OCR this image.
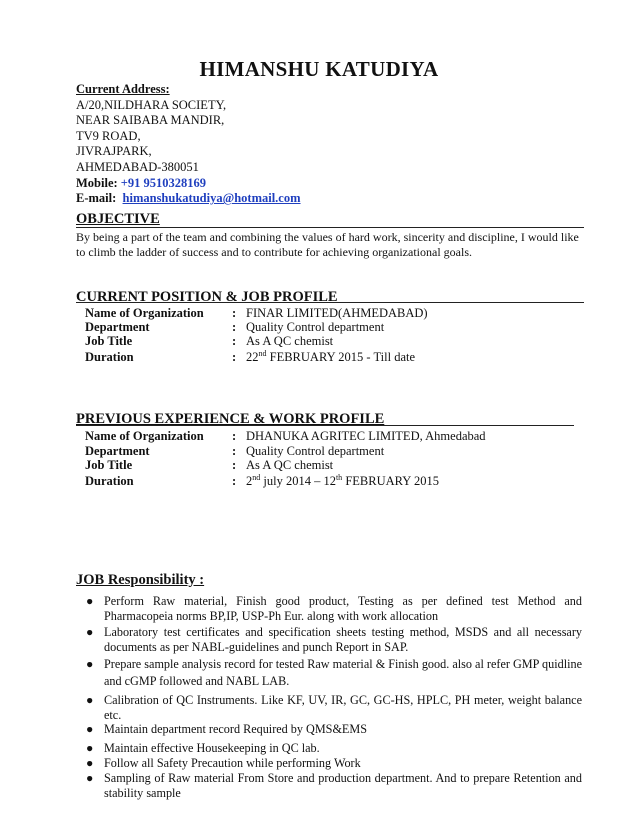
HIMANSHU KATUDIYA
Current Address:
A/20,NILDHARA SOCIETY,
NEAR SAIBABA MANDIR,
TV9 ROAD,
JIVRAJPARK,
AHMEDABAD-380051
Mobile: +91 9510328169
E-mail: himanshukatudiya@hotmail.com
OBJECTIVE
By being a part of the team and combining the values of hard work, sincerity and discipline, I would like to climb the ladder of success and to contribute for achieving organizational goals.
CURRENT POSITION & JOB PROFILE
Name of Organization : FINAR LIMITED(AHMEDABAD)
Department	: Quality Control department
Job Title	: As A QC chemist
Duration	: 22nd FEBRUARY 2015 - Till date
PREVIOUS EXPERIENCE & WORK PROFILE
Name of Organization : DHANUKA AGRITEC LIMITED, Ahmedabad
Department	: Quality Control department
Job Title	: As A QC chemist
Duration	: 2nd july 2014 – 12th FEBRUARY 2015
JOB Responsibility :
● Perform Raw material, Finish good product, Testing as per defined test Method and Pharmacopeia norms BP,IP, USP-Ph Eur. along with work allocation
● Laboratory test certificates and specification sheets testing method, MSDS and all necessary documents as per NABL-guidelines and punch Report in SAP.
● Prepare sample analysis record for tested Raw material & Finish good. also al refer GMP quidline and cGMP followed and NABL LAB.
● Calibration of QC Instruments. Like KF, UV, IR, GC, GC-HS, HPLC, PH meter, weight balance etc.
● Maintain department record Required by QMS&EMS
● Maintain effective Housekeeping in QC lab.
● Follow all Safety Precaution while performing Work
● Sampling of Raw material From Store and production department. And to prepare Retention and stability sample
